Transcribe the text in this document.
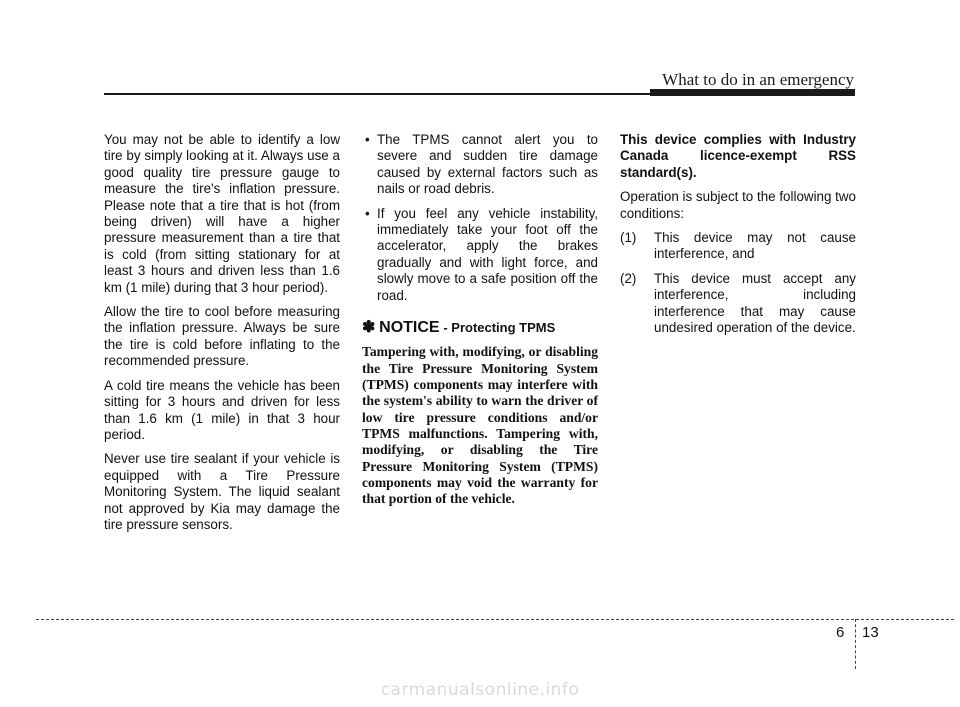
What to do in an emergency

You may not be able to identify a low tire by simply looking at it. Always use a good quality tire pressure gauge to measure the tire's inflation pressure. Please note that a tire that is hot (from being driven) will have a higher pressure measurement than a tire that is cold (from sitting stationary for at least 3 hours and driven less than 1.6 km (1 mile) during that 3 hour period).

Allow the tire to cool before measuring the inflation pressure. Always be sure the tire is cold before inflating to the recommended pressure.

A cold tire means the vehicle has been sitting for 3 hours and driven for less than 1.6 km (1 mile) in that 3 hour period.

Never use tire sealant if your vehicle is equipped with a Tire Pressure Monitoring System. The liquid sealant not approved by Kia may damage the tire pressure sensors.

• The TPMS cannot alert you to severe and sudden tire damage caused by external factors such as nails or road debris.
• If you feel any vehicle instability, immediately take your foot off the accelerator, apply the brakes gradually and with light force, and slowly move to a safe position off the road.
✽ NOTICE - Protecting TPMS

Tampering with, modifying, or disabling the Tire Pressure Monitoring System (TPMS) components may interfere with the system's ability to warn the driver of low tire pressure conditions and/or TPMS malfunctions. Tampering with, modifying, or disabling the Tire Pressure Monitoring System (TPMS) components may void the warranty for that portion of the vehicle.

This device complies with Industry Canada licence-exempt RSS standard(s).

Operation is subject to the following two conditions:

(1) This device may not cause interference, and
(2) This device must accept any interference, including interference that may cause undesired operation of the device.
6 13
carmanualsonline.info
